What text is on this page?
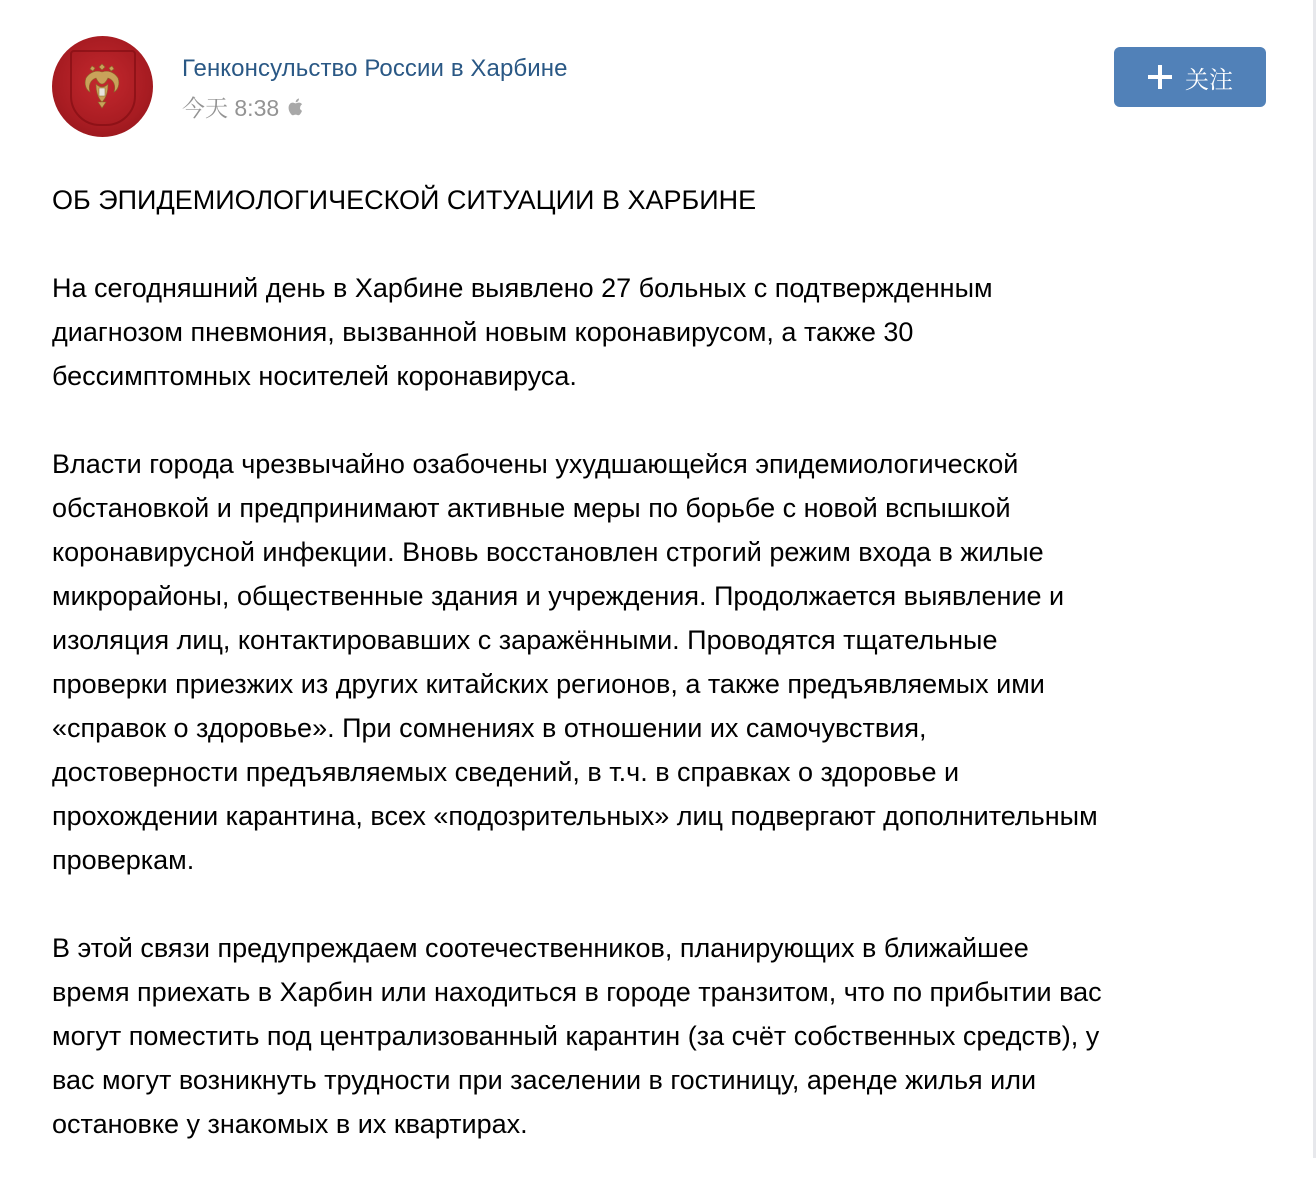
Генконсульство России в Харбине
今天 8:38
关注
ОБ ЭПИДЕМИОЛОГИЧЕСКОЙ СИТУАЦИИ В ХАРБИНЕ
На сегодняшний день в Харбине выявлено 27 больных с подтвержденным
диагнозом пневмония, вызванной новым коронавирусом, а также 30
бессимптомных носителей коронавируса.
Власти города чрезвычайно озабочены ухудшающейся эпидемиологической
обстановкой и предпринимают активные меры по борьбе с новой вспышкой
коронавирусной инфекции. Вновь восстановлен строгий режим входа в жилые
микрорайоны, общественные здания и учреждения. Продолжается выявление и
изоляция лиц, контактировавших с заражёнными. Проводятся тщательные
проверки приезжих из других китайских регионов, а также предъявляемых ими
«справок о здоровье». При сомнениях в отношении их самочувствия,
достоверности предъявляемых сведений, в т.ч. в справках о здоровье и
прохождении карантина, всех «подозрительных» лиц подвергают дополнительным
проверкам.
В этой связи предупреждаем соотечественников, планирующих в ближайшее
время приехать в Харбин или находиться в городе транзитом, что по прибытии вас
могут поместить под централизованный карантин (за счёт собственных средств), у
вас могут возникнуть трудности при заселении в гостиницу, аренде жилья или
остановке у знакомых в их квартирах.
